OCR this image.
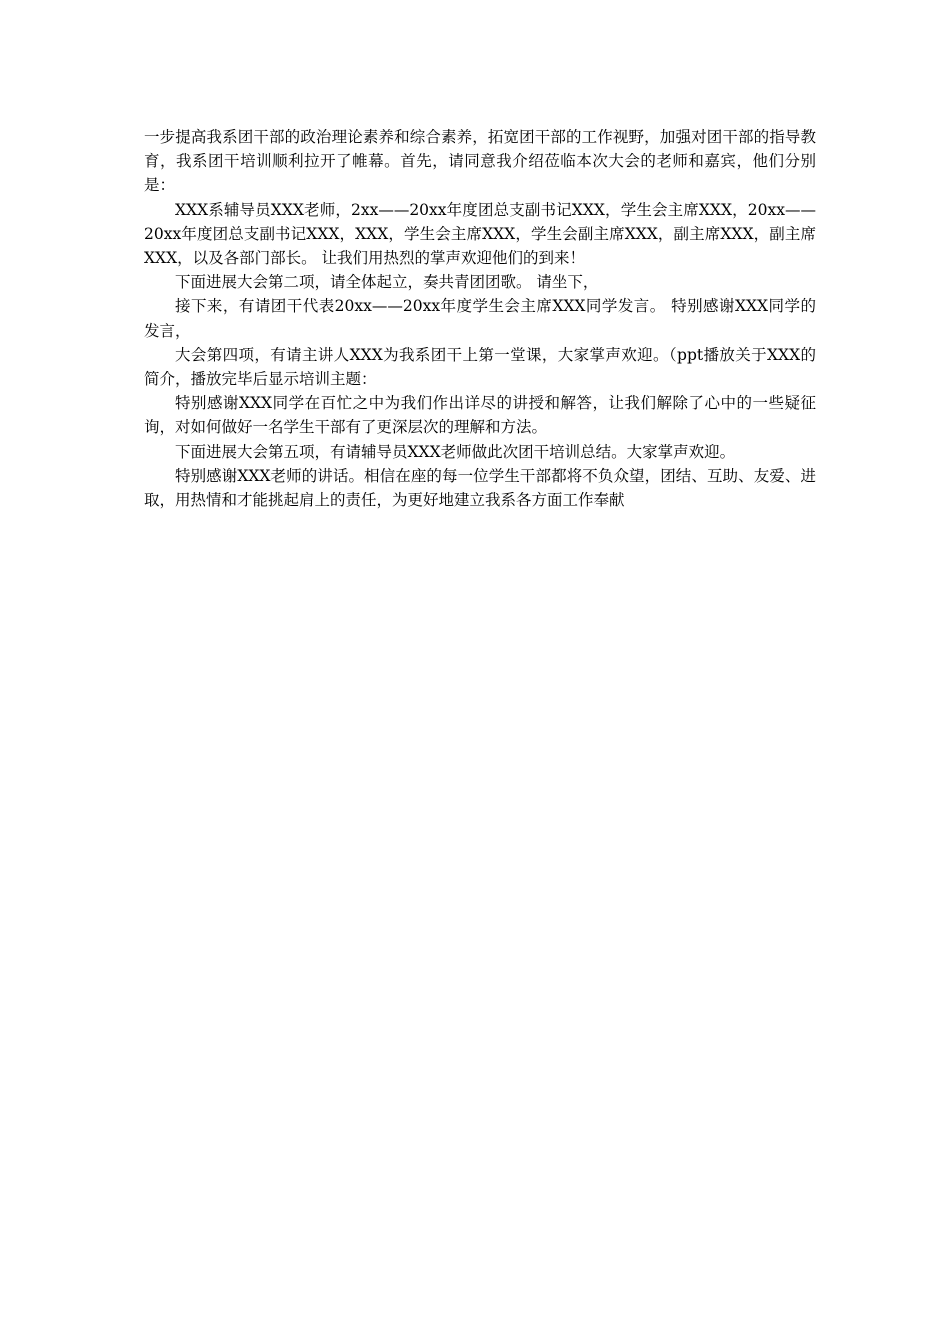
一步提高我系团干部的政治理论素养和综合素养，拓宽团干部的工作视野，加强对团干部的指导教育，我系团干培训顺利拉开了帷幕。首先，请同意我介绍莅临本次大会的老师和嘉宾，他们分别是：

XXX系辅导员XXX老师，2xx——20xx年度团总支副书记XXX，学生会主席XXX，20xx——20xx年度团总支副书记XXX，XXX，学生会主席XXX，学生会副主席XXX，副主席XXX，副主席XXX，以及各部门部长。 让我们用热烈的掌声欢迎他们的到来！

下面进展大会第二项，请全体起立，奏共青团团歌。 请坐下，

接下来，有请团干代表20xx——20xx年度学生会主席XXX同学发言。 特别感谢XXX同学的发言，

大会第四项，有请主讲人XXX为我系团干上第一堂课，大家掌声欢迎。（ppt播放关于XXX的简介，播放完毕后显示培训主题：

特别感谢XXX同学在百忙之中为我们作出详尽的讲授和解答，让我们解除了心中的一些疑征询，对如何做好一名学生干部有了更深层次的理解和方法。

下面进展大会第五项，有请辅导员XXX老师做此次团干培训总结。大家掌声欢迎。

特别感谢XXX老师的讲话。相信在座的每一位学生干部都将不负众望，团结、互助、友爱、进取，用热情和才能挑起肩上的责任，为更好地建立我系各方面工作奉献
